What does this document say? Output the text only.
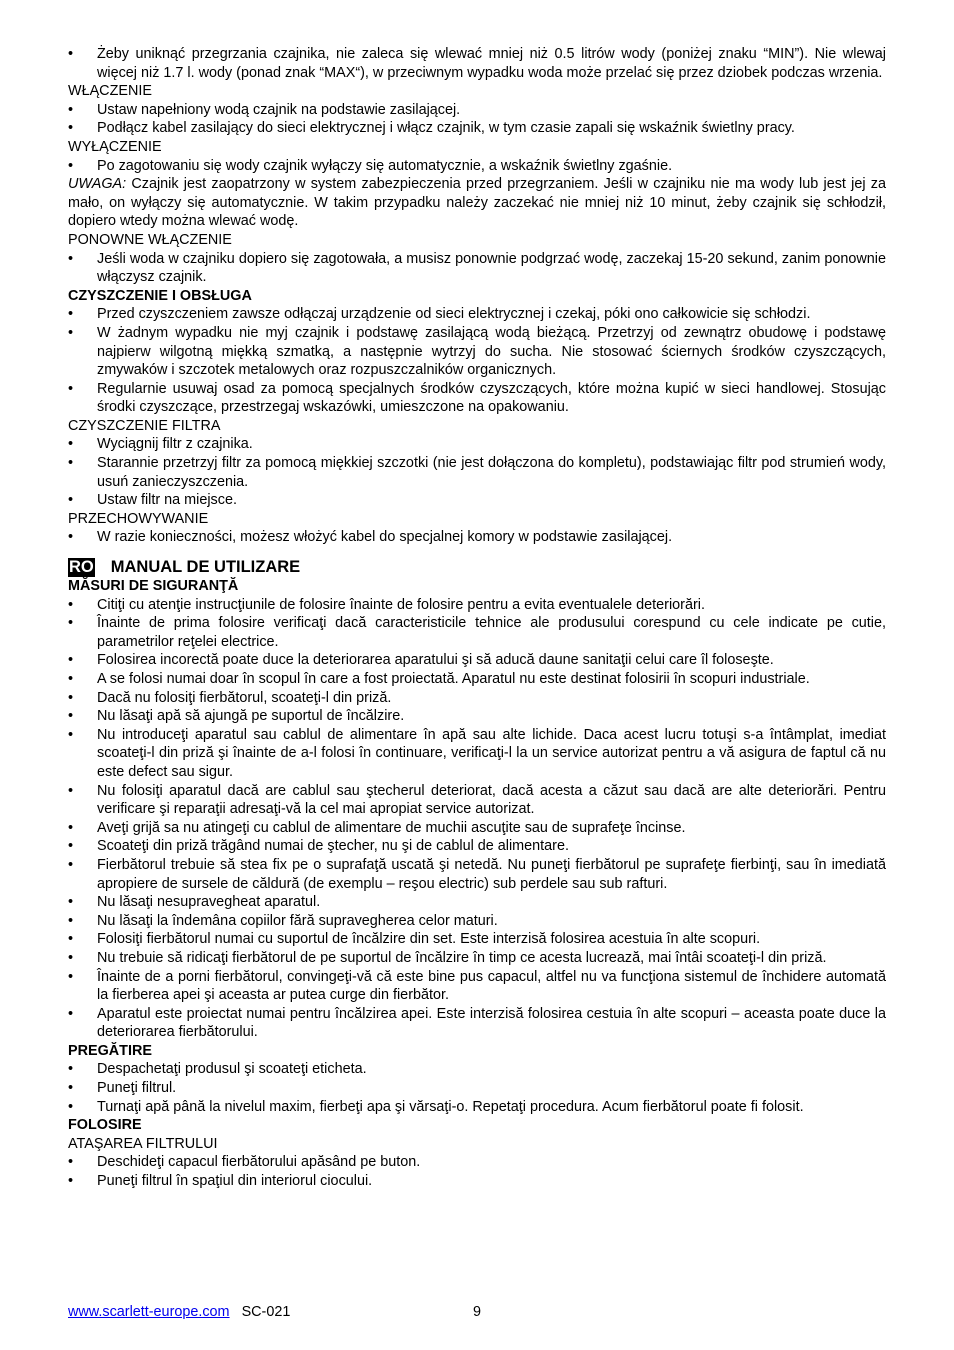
•	Żeby uniknąć przegrzania czajnika, nie zaleca się wlewać mniej niż 0.5 litrów wody (poniżej znaku “MIN”). Nie wlewaj więcej niż 1.7 l. wody (ponad znak “MAX“), w przeciwnym wypadku woda może przelać się przez dziobek podczas wrzenia.
WŁĄCZENIE
•	Ustaw napełniony wodą czajnik na podstawie zasilającej.
•	Podłącz kabel zasilający do sieci elektrycznej i włącz czajnik, w tym czasie zapali się wskaźnik świetlny pracy.
WYŁĄCZENIE
•	Po zagotowaniu się wody czajnik wyłączy się automatycznie, a wskaźnik świetlny zgaśnie.
UWAGA: Czajnik jest zaopatrzony w system zabezpieczenia przed przegrzaniem. Jeśli w czajniku nie ma wody lub jest jej za mało, on wyłączy się automatycznie. W takim przypadku należy zaczekać nie mniej niż 10 minut, żeby czajnik się schłodził, dopiero wtedy można wlewać wodę.
PONOWNE WŁĄCZENIE
•	Jeśli woda w czajniku dopiero się zagotowała, a musisz ponownie podgrzać wodę, zaczekaj 15-20 sekund, zanim ponownie włączysz czajnik.
CZYSZCZENIE I OBSŁUGA
•	Przed czyszczeniem zawsze odłączaj urządzenie od sieci elektrycznej i czekaj, póki ono całkowicie się schłodzi.
•	W żadnym wypadku nie myj czajnik i podstawę zasilającą wodą bieżącą. Przetrzyj od zewnątrz obudowę i podstawę najpierw wilgotną miękką szmatką, a następnie wytrzyj do sucha. Nie stosować ściernych środków czyszczących, zmywaków i szczotek metalowych oraz rozpuszczalników organicznych.
•	Regularnie usuwaj osad za pomocą specjalnych środków czyszczących, które można kupić w sieci handlowej. Stosując środki czyszczące, przestrzegaj wskazówki, umieszczone na opakowaniu.
CZYSZCZENIE FILTRA
•	Wyciągnij filtr z czajnika.
•	Starannie przetrzyj filtr za pomocą miękkiej szczotki (nie jest dołączona do kompletu), podstawiając filtr pod strumień wody, usuń zanieczyszczenia.
•	Ustaw filtr na miejsce.
PRZECHOWYWANIE
•	W razie konieczności, możesz włożyć kabel do specjalnej komory w podstawie zasilającej.
RO MANUAL DE UTILIZARE
MĂSURI DE SIGURANŢĂ
•	Citiţi cu atenţie instrucţiunile de folosire înainte de folosire pentru a evita eventualele deteriorări.
•	Înainte de prima folosire verificaţi dacă caracteristicile tehnice ale produsului corespund cu cele indicate pe cutie, parametrilor reţelei electrice.
•	Folosirea incorectă poate duce la deteriorarea aparatului şi să aducă daune sanitaţii celui care îl foloseşte.
•	A se folosi numai doar în scopul în care a fost proiectată. Aparatul nu este destinat folosirii în scopuri industriale.
•	Dacă nu folosiţi fierbătorul, scoateţi-l din priză.
•	Nu lăsaţi apă să ajungă pe suportul de încălzire.
•	Nu introduceţi aparatul sau cablul de alimentare în apă sau alte lichide. Daca acest lucru totuşi s-a întâmplat, imediat scoateţi-l din priză şi înainte de a-l folosi în continuare, verificaţi-l la un service autorizat pentru a vă asigura de faptul că nu este defect sau sigur.
•	Nu folosiţi aparatul dacă are cablul sau ştecherul deteriorat, dacă acesta a căzut sau dacă are alte deteriorări. Pentru verificare şi reparaţii adresaţi-vă la cel mai apropiat service autorizat.
•	Aveţi grijă sa nu atingeţi cu cablul de alimentare de muchii ascuţite sau de suprafeţe încinse.
•	Scoateţi din priză trăgând numai de ştecher, nu şi de cablul de alimentare.
•	Fierbătorul trebuie să stea fix pe o suprafaţă uscată şi netedă. Nu puneţi fierbătorul pe suprafeţe fierbinţi, sau în imediată apropiere de sursele de căldură (de exemplu – reşou electric) sub perdele sau sub rafturi.
•	Nu lăsaţi nesupravegheat aparatul.
•	Nu lăsaţi la îndemâna copiilor fără supravegherea celor maturi.
•	Folosiţi fierbătorul numai cu suportul de încălzire din set. Este interzisă folosirea acestuia în alte scopuri.
•	Nu trebuie să ridicaţi fierbătorul de pe suportul de încălzire în timp ce acesta lucrează, mai întâi scoateţi-l din priză.
•	Înainte de a porni fierbătorul, convingeţi-vă că este bine pus capacul, altfel nu va funcţiona sistemul de închidere automată la fierberea apei şi aceasta ar putea curge din fierbător.
•	Aparatul este proiectat numai pentru încălzirea apei. Este interzisă folosirea cestuia în alte scopuri – aceasta poate duce la deteriorarea fierbătorului.
PREGĂTIRE
•	Despachetaţi produsul şi scoateţi eticheta.
•	Puneţi filtrul.
•	Turnaţi apă până la nivelul maxim, fierbeţi apa şi vărsaţi-o. Repetaţi procedura. Acum fierbătorul poate fi folosit.
FOLOSIRE
ATAŞAREA FILTRULUI
•	Deschideţi capacul fierbătorului apăsând pe buton.
•	Puneţi filtrul în spaţiul din interiorul ciocului.
www.scarlett-europe.com SC-021	9
